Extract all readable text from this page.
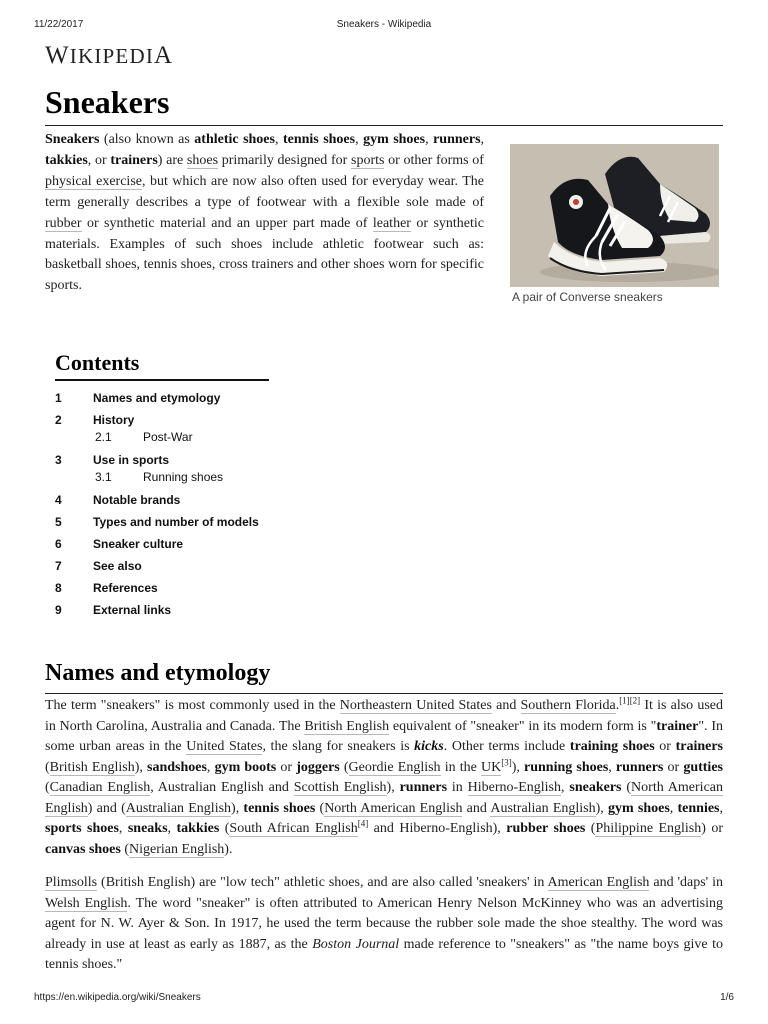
11/22/2017	Sneakers - Wikipedia
WIKIPEDIA
Sneakers

Sneakers (also known as athletic shoes, tennis shoes, gym shoes, runners, takkies, or trainers) are shoes primarily designed for sports or other forms of physical exercise, but which are now also often used for everyday wear. The term generally describes a type of footwear with a flexible sole made of rubber or synthetic material and an upper part made of leather or synthetic materials. Examples of such shoes include athletic footwear such as: basketball shoes, tennis shoes, cross trainers and other shoes worn for specific sports.

A pair of Converse sneakers
Contents
1	Names and etymology
2	History
2.1	Post-War
3	Use in sports
3.1	Running shoes
4	Notable brands
5	Types and number of models
6	Sneaker culture
7	See also
8	References
9	External links
Names and etymology

The term "sneakers" is most commonly used in the Northeastern United States and Southern Florida.[1][2] It is also used in North Carolina, Australia and Canada. The British English equivalent of "sneaker" in its modern form is "trainer". In some urban areas in the United States, the slang for sneakers is kicks. Other terms include training shoes or trainers (British English), sandshoes, gym boots or joggers (Geordie English in the UK[3]), running shoes, runners or gutties (Canadian English, Australian English and Scottish English), runners in Hiberno-English, sneakers (North American English) and (Australian English), tennis shoes (North American English and Australian English), gym shoes, tennies, sports shoes, sneaks, takkies (South African English[4] and Hiberno-English), rubber shoes (Philippine English) or canvas shoes (Nigerian English).

Plimsolls (British English) are "low tech" athletic shoes, and are also called 'sneakers' in American English and 'daps' in Welsh English. The word "sneaker" is often attributed to American Henry Nelson McKinney who was an advertising agent for N. W. Ayer & Son. In 1917, he used the term because the rubber sole made the shoe stealthy. The word was already in use at least as early as 1887, as the Boston Journal made reference to "sneakers" as "the name boys give to tennis shoes."

https://en.wikipedia.org/wiki/Sneakers	1/6
